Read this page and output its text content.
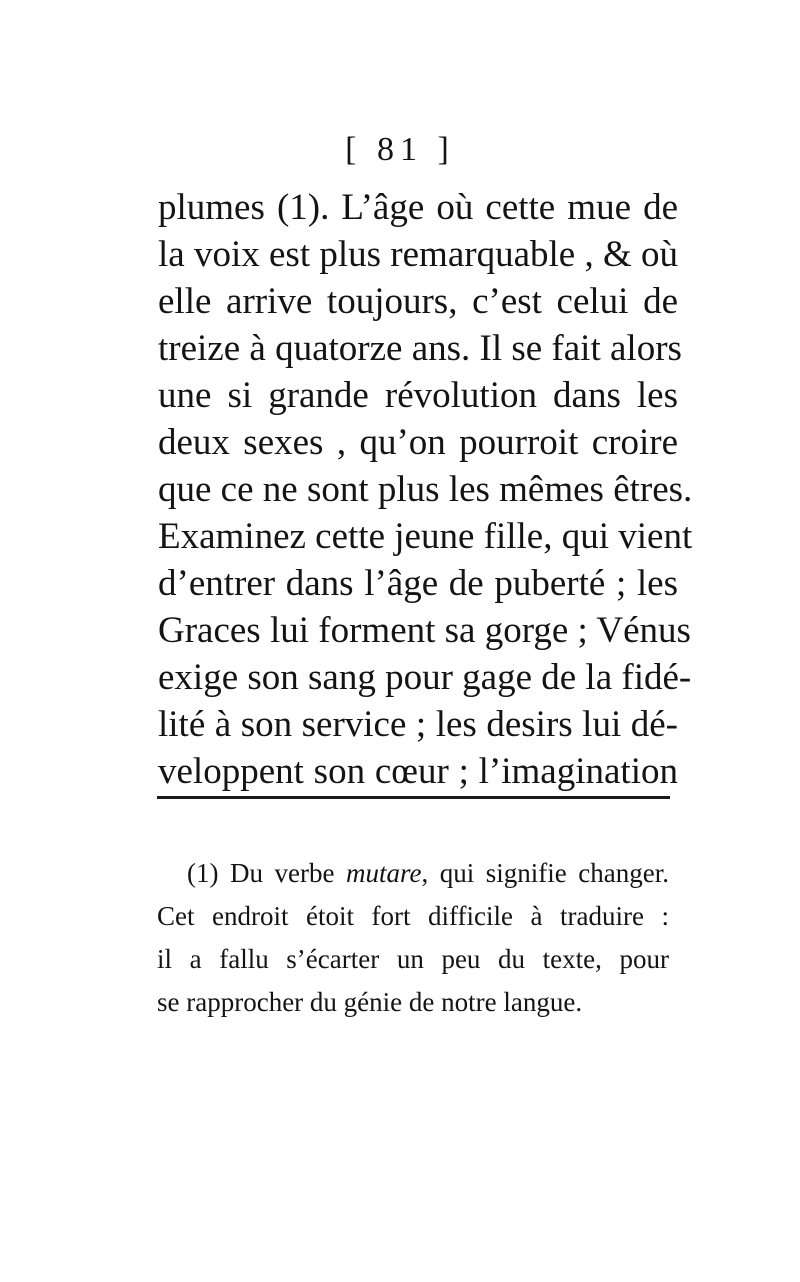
[ 81 ]
plumes (1). L’âge où cette mue de
la voix est plus remarquable , & où
elle arrive toujours, c’est celui de
treize à quatorze ans. Il se fait alors
une si grande révolution dans les
deux sexes , qu’on pourroit croire
que ce ne sont plus les mêmes êtres.
Examinez cette jeune fille, qui vient
d’entrer dans l’âge de puberté ; les
Graces lui forment sa gorge ; Vénus
exige son sang pour gage de la fidé-
lité à son service ; les desirs lui dé-
veloppent son cœur ; l’imagination
(1) Du verbe mutare, qui signifie changer.
Cet endroit étoit fort difficile à traduire :
il a fallu s’écarter un peu du texte, pour
se rapprocher du génie de notre langue.
